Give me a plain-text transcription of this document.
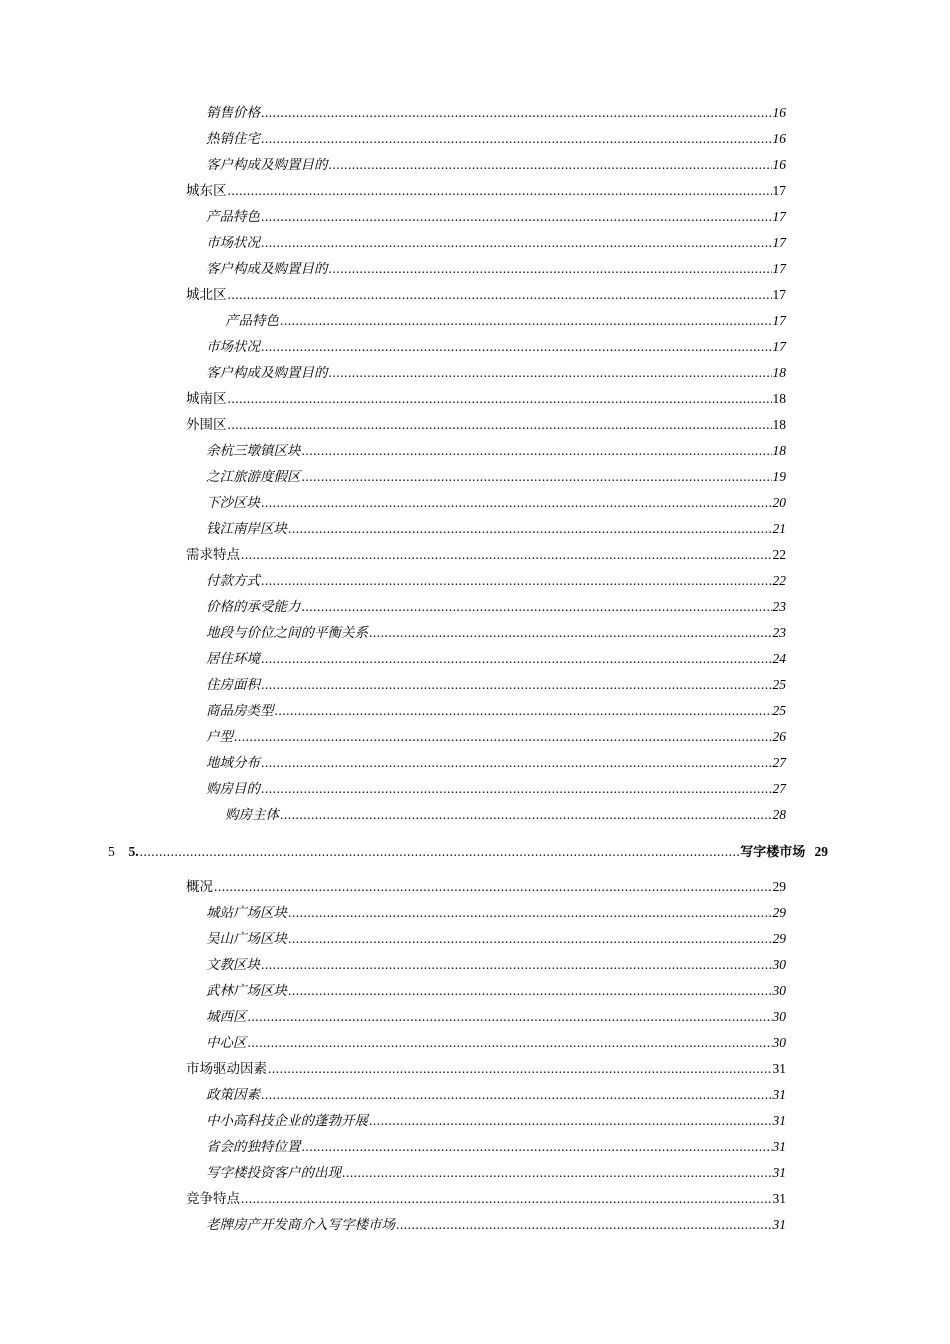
销售价格 .....	16
热销住宅 .....	16
客户构成及购置目的 .....	16
城东区 .....	17
产品特色 .....	17
市场状况 .....	17
客户构成及购置目的 .....	17
城北区 .....	17
产品特色 .....	17
市场状况 .....	17
客户构成及购置目的 .....	18
城南区 .....	18
外围区 .....	18
余杭三墩镇区块 .....	18
之江旅游度假区 .....	19
下沙区块 .....	20
钱江南岸区块 .....	21
需求特点 .....	22
付款方式 .....	22
价格的承受能力 .....	23
地段与价位之间的平衡关系 .....	23
居住环境 .....	24
住房面积 .....	25
商品房类型 .....	25
户型 .....	26
地域分布 .....	27
购房目的 .....	27
购房主体 .....	28
5	5. .....	写字楼市场 29
概况 .....	29
城站广场区块 .....	29
吴山广场区块 .....	29
文教区块 .....	30
武林广场区块 .....	30
城西区 .....	30
中心区 .....	30
市场驱动因素 .....	31
政策因素 .....	31
中小高科技企业的蓬勃开展 .....	31
省会的独特位置 .....	31
写字楼投资客户的出现 .....	31
竞争特点 .....	31
老牌房产开发商介入写字楼市场 .....	31
